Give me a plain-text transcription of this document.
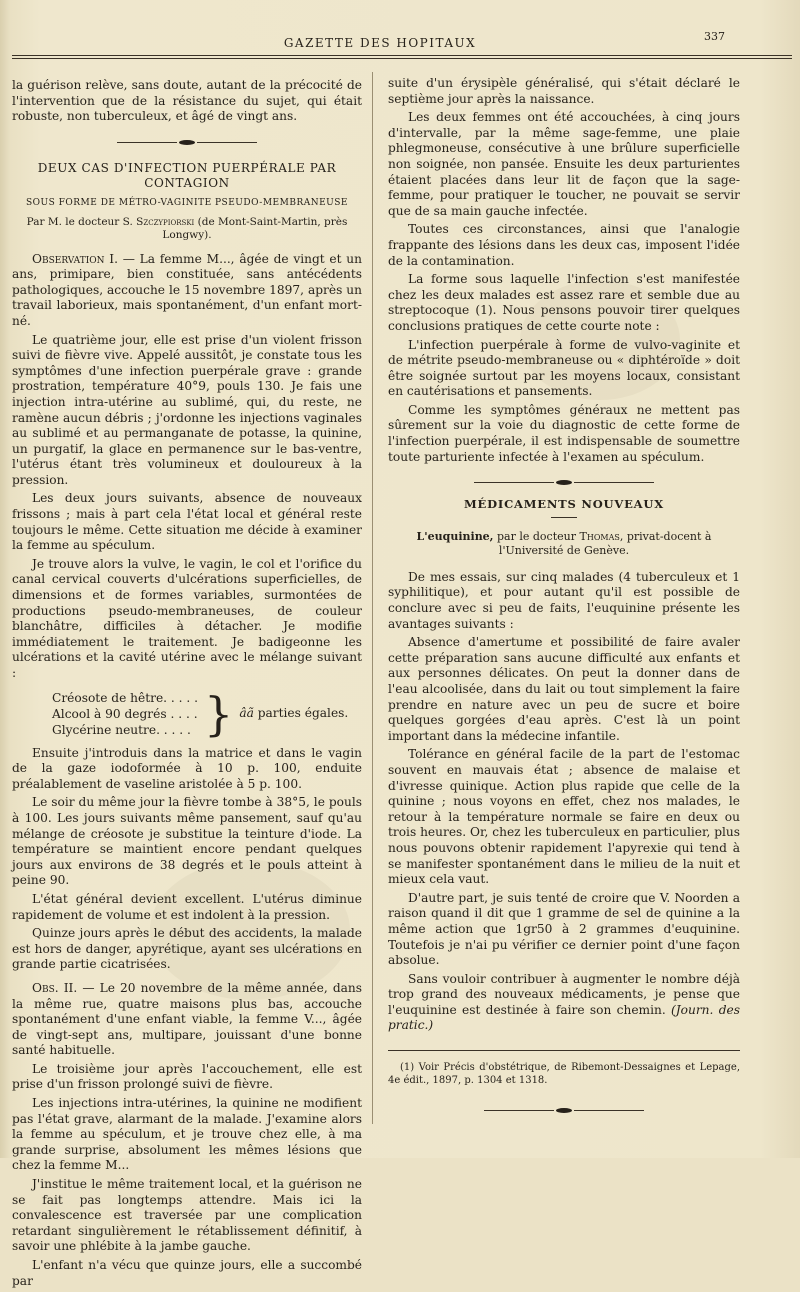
GAZETTE DES HOPITAUX	337

la guérison relève, sans doute, autant de la précocité de l'intervention que de la résistance du sujet, qui était robuste, non tuberculeux, et âgé de vingt ans.

DEUX CAS D'INFECTION PUERPÉRALE PAR CONTAGION
SOUS FORME DE MÉTRO-VAGINITE PSEUDO-MEMBRANEUSE
Par M. le docteur S. Szczypiorski (de Mont-Saint-Martin, près Longwy).

Observation I. — La femme M..., âgée de vingt et un ans, primipare, bien constituée, sans antécédents pathologiques, accouche le 15 novembre 1897, après un travail laborieux, mais spontanément, d'un enfant mort-né.

Le quatrième jour, elle est prise d'un violent frisson suivi de fièvre vive. Appelé aussitôt, je constate tous les symptômes d'une infection puerpérale grave : grande prostration, température 40°9, pouls 130. Je fais une injection intra-utérine au sublimé, qui, du reste, ne ramène aucun débris ; j'ordonne les injections vaginales au sublimé et au permanganate de potasse, la quinine, un purgatif, la glace en permanence sur le bas-ventre, l'utérus étant très volumineux et douloureux à la pression.

Les deux jours suivants, absence de nouveaux frissons ; mais à part cela l'état local et général reste toujours le même. Cette situation me décide à examiner la femme au spéculum.

Je trouve alors la vulve, le vagin, le col et l'orifice du canal cervical couverts d'ulcérations superficielles, de dimensions et de formes variables, surmontées de productions pseudo-membraneuses, de couleur blanchâtre, difficiles à détacher. Je modifie immédiatement le traitement. Je badigeonne les ulcérations et la cavité utérine avec le mélange suivant :

Créosote de hêtre. . . . .
Alcool à 90 degrés . . . .
Glycérine neutre. . . . . } âã parties égales.

Ensuite j'introduis dans la matrice et dans le vagin de la gaze iodoformée à 10 p. 100, enduite préalablement de vaseline aristolée à 5 p. 100.

Le soir du même jour la fièvre tombe à 38°5, le pouls à 100. Les jours suivants même pansement, sauf qu'au mélange de créosote je substitue la teinture d'iode. La température se maintient encore pendant quelques jours aux environs de 38 degrés et le pouls atteint à peine 90.

L'état général devient excellent. L'utérus diminue rapidement de volume et est indolent à la pression.

Quinze jours après le début des accidents, la malade est hors de danger, apyrétique, ayant ses ulcérations en grande partie cicatrisées.

Obs. II. — Le 20 novembre de la même année, dans la même rue, quatre maisons plus bas, accouche spontanément d'une enfant viable, la femme V..., âgée de vingt-sept ans, multipare, jouissant d'une bonne santé habituelle.

Le troisième jour après l'accouchement, elle est prise d'un frisson prolongé suivi de fièvre.

Les injections intra-utérines, la quinine ne modifient pas l'état grave, alarmant de la malade. J'examine alors la femme au spéculum, et je trouve chez elle, à ma grande surprise, absolument les mêmes lésions que chez la femme M...

J'institue le même traitement local, et la guérison ne se fait pas longtemps attendre. Mais ici la convalescence est traversée par une complication retardant singulièrement le rétablissement définitif, à savoir une phlébite à la jambe gauche.

L'enfant n'a vécu que quinze jours, elle a succombé par

suite d'un érysipèle généralisé, qui s'était déclaré le septième jour après la naissance.

Les deux femmes ont été accouchées, à cinq jours d'intervalle, par la même sage-femme, une plaie phlegmoneuse, consécutive à une brûlure superficielle non soignée, non pansée. Ensuite les deux parturientes étaient placées dans leur lit de façon que la sage-femme, pour pratiquer le toucher, ne pouvait se servir que de sa main gauche infectée.

Toutes ces circonstances, ainsi que l'analogie frappante des lésions dans les deux cas, imposent l'idée de la contamination.

La forme sous laquelle l'infection s'est manifestée chez les deux malades est assez rare et semble due au streptocoque (1). Nous pensons pouvoir tirer quelques conclusions pratiques de cette courte note :

L'infection puerpérale à forme de vulvo-vaginite et de métrite pseudo-membraneuse ou « diphtéroïde » doit être soignée surtout par les moyens locaux, consistant en cautérisations et pansements.

Comme les symptômes généraux ne mettent pas sûrement sur la voie du diagnostic de cette forme de l'infection puerpérale, il est indispensable de soumettre toute parturiente infectée à l'examen au spéculum.

MÉDICAMENTS NOUVEAUX
L'euquinine, par le docteur Thomas, privat-docent à l'Université de Genève.

De mes essais, sur cinq malades (4 tuberculeux et 1 syphilitique), et pour autant qu'il est possible de conclure avec si peu de faits, l'euquinine présente les avantages suivants :

Absence d'amertume et possibilité de faire avaler cette préparation sans aucune difficulté aux enfants et aux personnes délicates. On peut la donner dans de l'eau alcoolisée, dans du lait ou tout simplement la faire prendre en nature avec un peu de sucre et boire quelques gorgées d'eau après. C'est là un point important dans la médecine infantile.

Tolérance en général facile de la part de l'estomac souvent en mauvais état ; absence de malaise et d'ivresse quinique. Action plus rapide que celle de la quinine ; nous voyons en effet, chez nos malades, le retour à la température normale se faire en deux ou trois heures. Or, chez les tuberculeux en particulier, plus nous pouvons obtenir rapidement l'apyrexie qui tend à se manifester spontanément dans le milieu de la nuit et mieux cela vaut.

D'autre part, je suis tenté de croire que V. Noorden a raison quand il dit que 1 gramme de sel de quinine a la même action que 1gr50 à 2 grammes d'euquinine. Toutefois je n'ai pu vérifier ce dernier point d'une façon absolue.

Sans vouloir contribuer à augmenter le nombre déjà trop grand des nouveaux médicaments, je pense que l'euquinine est destinée à faire son chemin. (Journ. des pratic.)

(1) Voir Précis d'obstétrique, de Ribemont-Dessaignes et Lepage, 4e édit., 1897, p. 1304 et 1318.
